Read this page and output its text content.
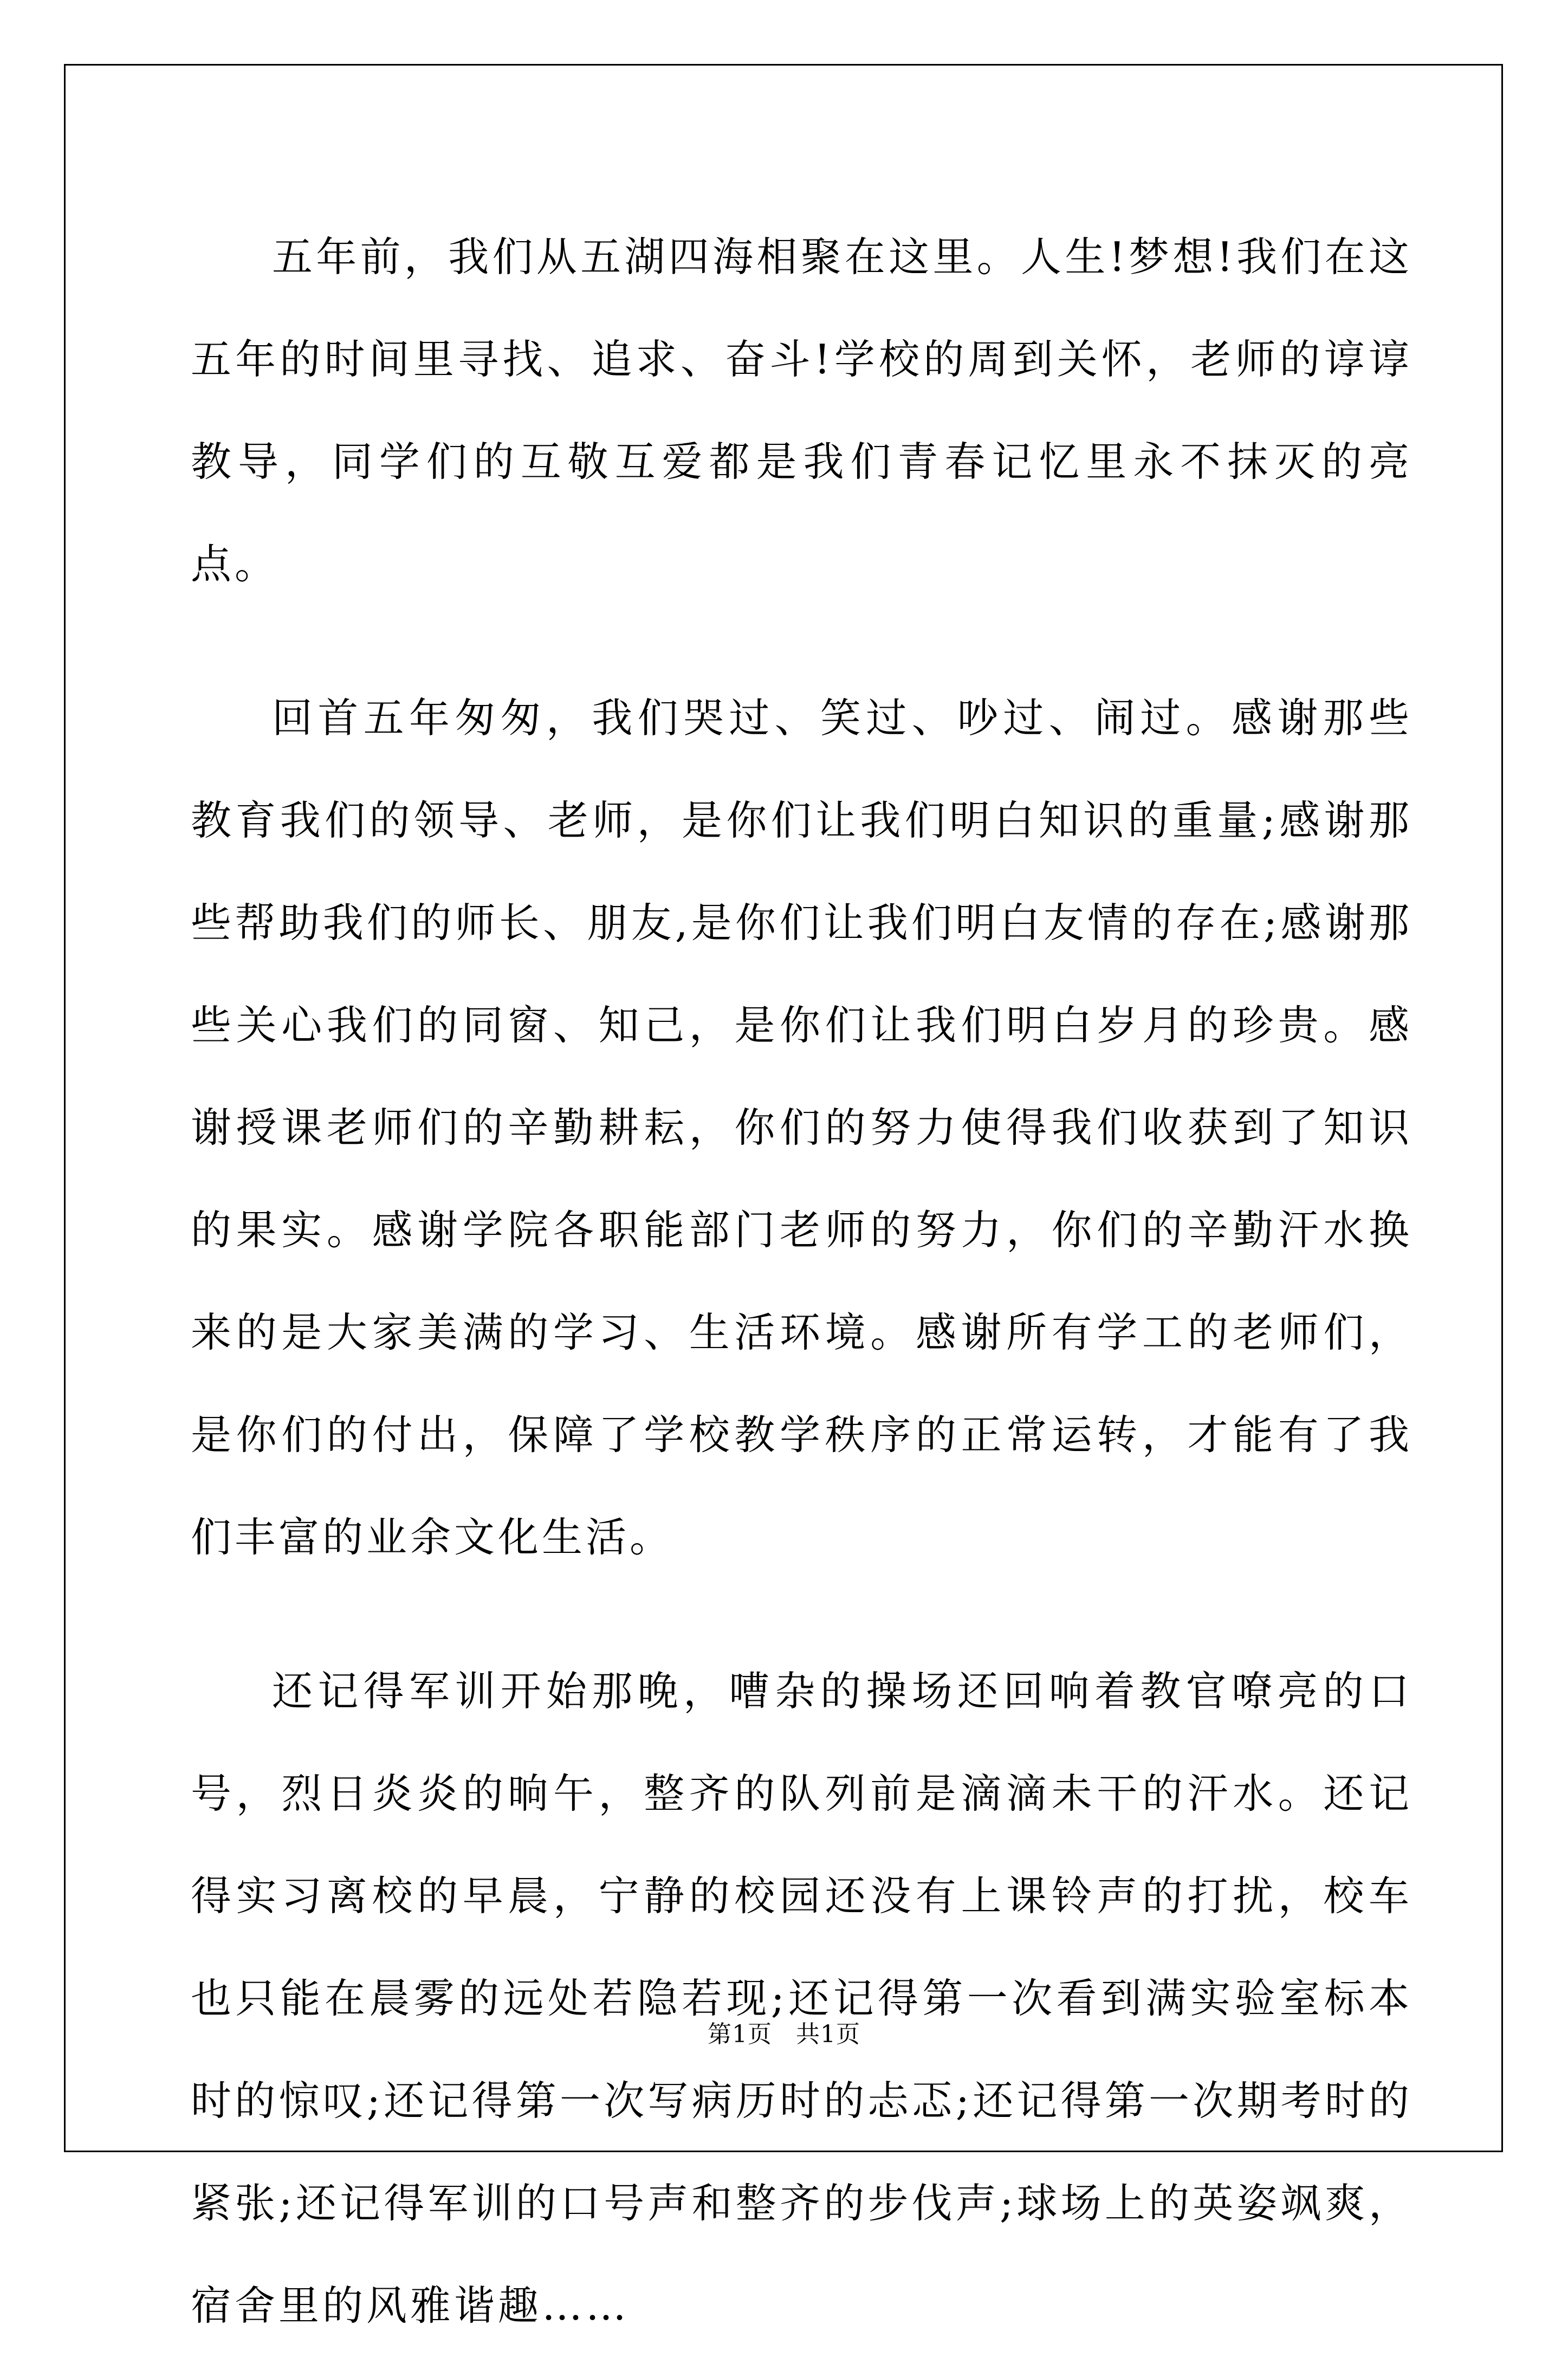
五年前，我们从五湖四海相聚在这里。人生!梦想!我们在这五年的时间里寻找、追求、奋斗!学校的周到关怀，老师的谆谆教导，同学们的互敬互爱都是我们青春记忆里永不抹灭的亮点。

回首五年匆匆，我们哭过、笑过、吵过、闹过。感谢那些教育我们的领导、老师，是你们让我们明白知识的重量;感谢那些帮助我们的师长、朋友,是你们让我们明白友情的存在;感谢那些关心我们的同窗、知己，是你们让我们明白岁月的珍贵。感谢授课老师们的辛勤耕耘，你们的努力使得我们收获到了知识的果实。感谢学院各职能部门老师的努力，你们的辛勤汗水换来的是大家美满的学习、生活环境。感谢所有学工的老师们，是你们的付出，保障了学校教学秩序的正常运转，才能有了我们丰富的业余文化生活。

还记得军训开始那晚，嘈杂的操场还回响着教官嘹亮的口号，烈日炎炎的晌午，整齐的队列前是滴滴未干的汗水。还记得实习离校的早晨，宁静的校园还没有上课铃声的打扰，校车也只能在晨雾的远处若隐若现;还记得第一次看到满实验室标本时的惊叹;还记得第一次写病历时的忐忑;还记得第一次期考时的紧张;还记得军训的口号声和整齐的步伐声;球场上的英姿飒爽，宿舍里的风雅谐趣……

第1页 共1页
